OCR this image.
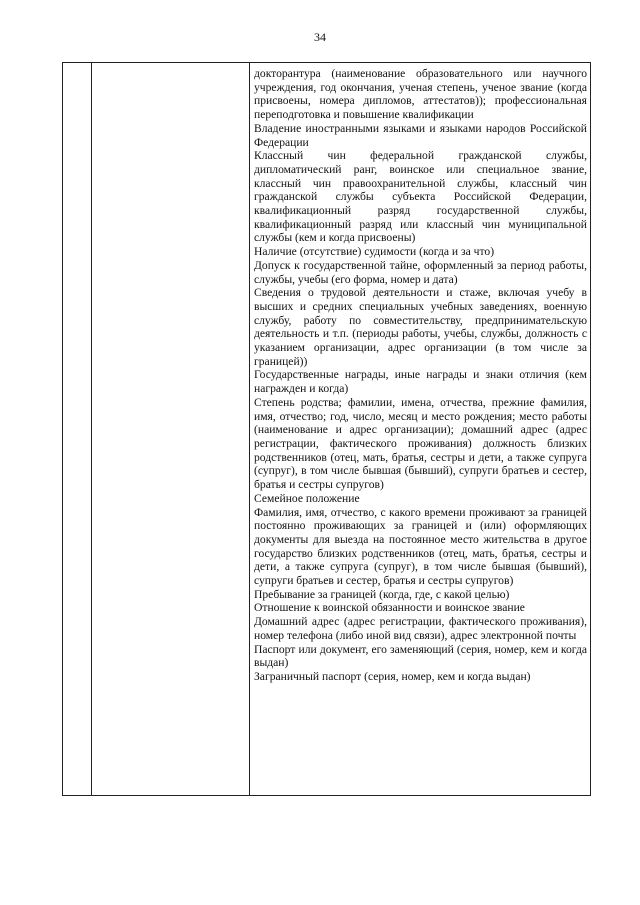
34

докторантура (наименование образовательного или научного учреждения, год окончания, ученая степень, ученое звание (когда присвоены, номера дипломов, аттестатов)); профессиональная переподготовка и повышение квалификации

Владение иностранными языками и языками народов Российской Федерации

Классный чин федеральной гражданской службы, дипломатический ранг, воинское или специальное звание, классный чин правоохранительной службы, классный чин гражданской службы субъекта Российской Федерации, квалификационный разряд государственной службы, квалификационный разряд или классный чин муниципальной службы (кем и когда присвоены)

Наличие (отсутствие) судимости (когда и за что)

Допуск к государственной тайне, оформленный за период работы, службы, учебы (его форма, номер и дата)

Сведения о трудовой деятельности и стаже, включая учебу в высших и средних специальных учебных заведениях, военную службу, работу по совместительству, предпринимательскую деятельность и т.п. (периоды работы, учебы, службы, должность с указанием организации, адрес организации (в том числе за границей))

Государственные награды, иные награды и знаки отличия (кем награжден и когда)

Степень родства; фамилии, имена, отчества, прежние фамилия, имя, отчество; год, число, месяц и место рождения; место работы (наименование и адрес организации); домашний адрес (адрес регистрации, фактического проживания) должность близких родственников (отец, мать, братья, сестры и дети, а также супруга (супруг), в том числе бывшая (бывший), супруги братьев и сестер, братья и сестры супругов)

Семейное положение

Фамилия, имя, отчество, с какого времени проживают за границей постоянно проживающих за границей и (или) оформляющих документы для выезда на постоянное место жительства в другое государство близких родственников (отец, мать, братья, сестры и дети, а также супруга (супруг), в том числе бывшая (бывший), супруги братьев и сестер, братья и сестры супругов)

Пребывание за границей (когда, где, с какой целью)

Отношение к воинской обязанности и воинское звание

Домашний адрес (адрес регистрации, фактического проживания), номер телефона (либо иной вид связи), адрес электронной почты

Паспорт или документ, его заменяющий (серия, номер, кем и когда выдан)

Заграничный паспорт (серия, номер, кем и когда выдан)
